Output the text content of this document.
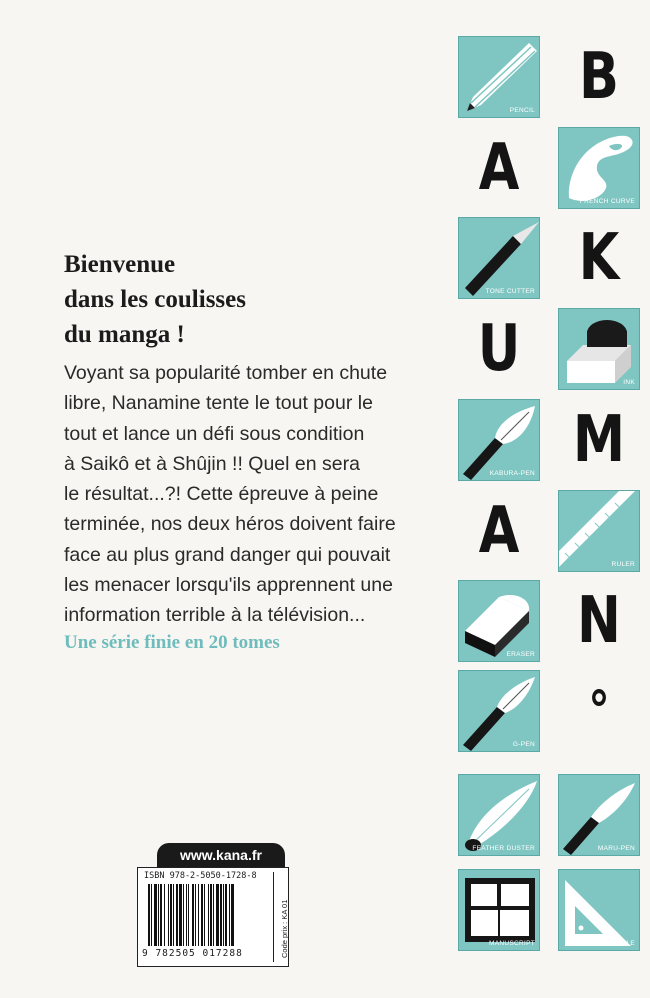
Bienvenue
dans les coulisses
du manga !
Voyant sa popularité tomber en chute
libre, Nanamine tente le tout pour le
tout et lance un défi sous condition
à Saikô et à Shûjin !! Quel en sera
le résultat...?! Cette épreuve à peine
terminée, nos deux héros doivent faire
face au plus grand danger qui pouvait
les menacer lorsqu'ils apprennent une
information terrible à la télévision...
Une série finie en 20 tomes
PENCIL B
A	FRENCH CURVE
TONE CUTTER K
U	INK
KABURA-PEN M
A	RULER
ERASER N
G-PEN
°
FEATHER DUSTER	MARU-PEN
MANUSCRIPT	TRIANGLE
www.kana.fr
ISBN 978-2-5050-1728-8
9 782505 017288	Code prix : KA 01
